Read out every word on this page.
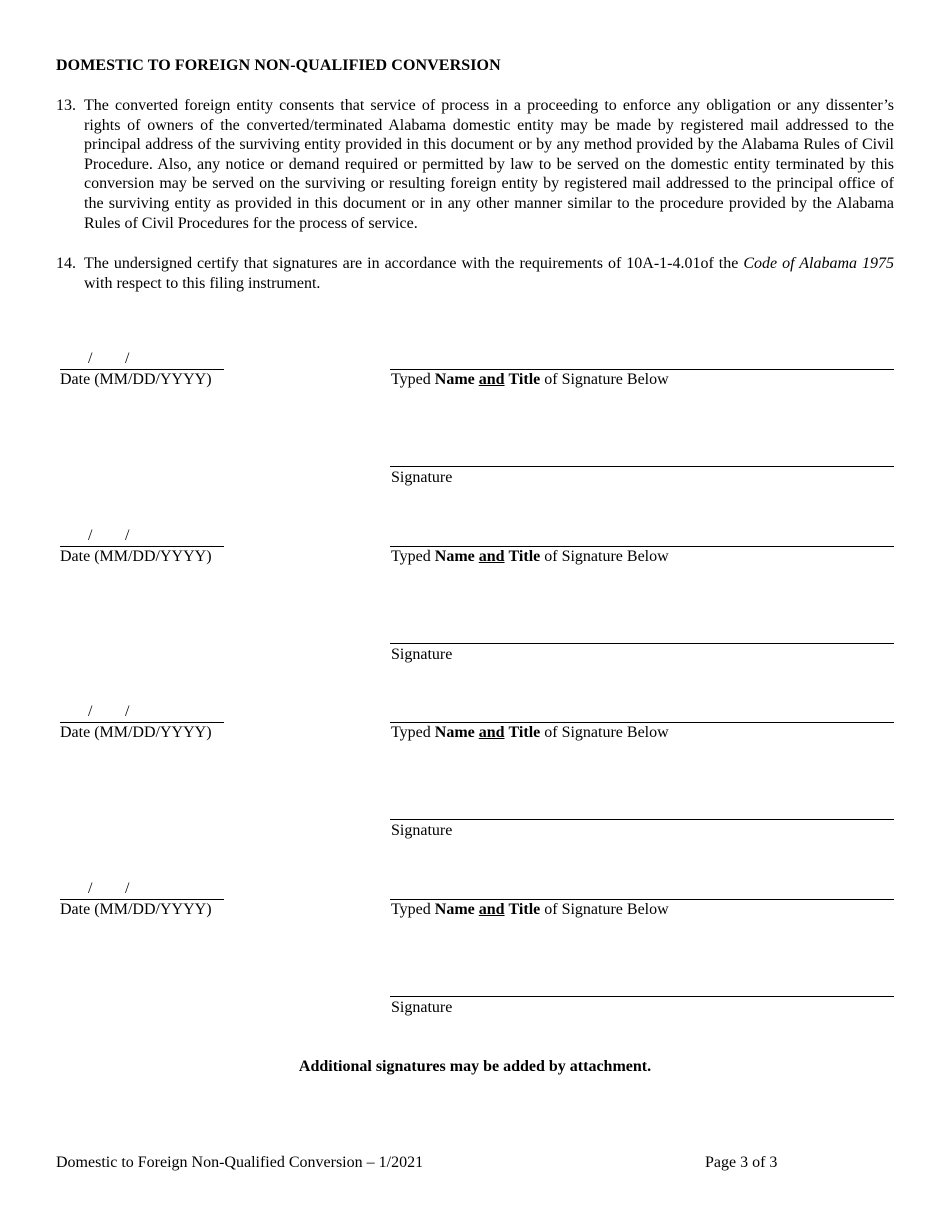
DOMESTIC TO FOREIGN NON-QUALIFIED CONVERSION
13. The converted foreign entity consents that service of process in a proceeding to enforce any obligation or any dissenter’s rights of owners of the converted/terminated Alabama domestic entity may be made by registered mail addressed to the principal address of the surviving entity provided in this document or by any method provided by the Alabama Rules of Civil Procedure. Also, any notice or demand required or permitted by law to be served on the domestic entity terminated by this conversion may be served on the surviving or resulting foreign entity by registered mail addressed to the principal office of the surviving entity as provided in this document or in any other manner similar to the procedure provided by the Alabama Rules of Civil Procedures for the process of service.
14. The undersigned certify that signatures are in accordance with the requirements of 10A-1-4.01of the Code of Alabama 1975 with respect to this filing instrument.
/ /
Date (MM/DD/YYYY)	Typed Name and Title of Signature Below
Signature
/ /
Date (MM/DD/YYYY)	Typed Name and Title of Signature Below
Signature
/ /
Date (MM/DD/YYYY)	Typed Name and Title of Signature Below
Signature
/ /
Date (MM/DD/YYYY)	Typed Name and Title of Signature Below
Signature
Additional signatures may be added by attachment.
Domestic to Foreign Non-Qualified Conversion – 1/2021	Page 3 of 3
